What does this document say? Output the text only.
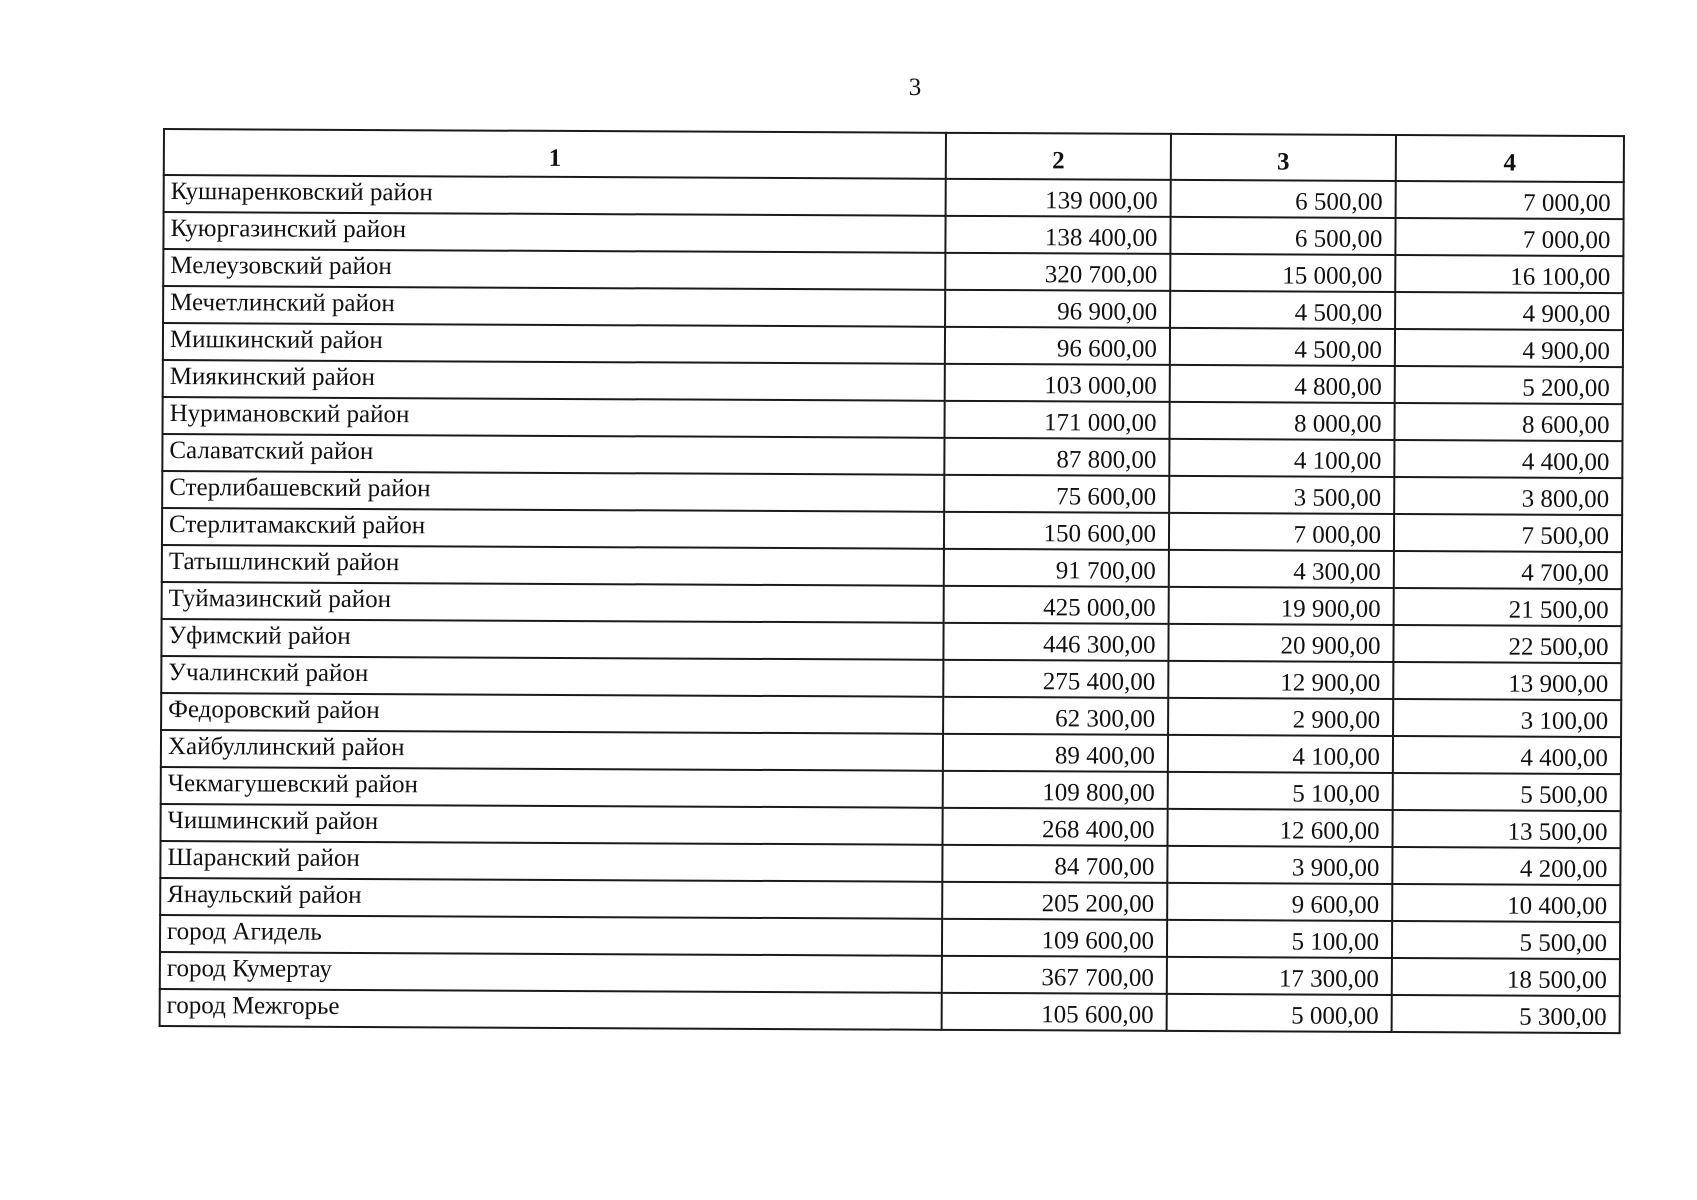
3
1	2	3	4
Кушнаренковский район	139 000,00	6 500,00	7 000,00
Куюргазинский район	138 400,00	6 500,00	7 000,00
Мелеузовский район	320 700,00	15 000,00	16 100,00
Мечетлинский район	96 900,00	4 500,00	4 900,00
Мишкинский район	96 600,00	4 500,00	4 900,00
Миякинский район	103 000,00	4 800,00	5 200,00
Нуримановский район	171 000,00	8 000,00	8 600,00
Салаватский район	87 800,00	4 100,00	4 400,00
Стерлибашевский район	75 600,00	3 500,00	3 800,00
Стерлитамакский район	150 600,00	7 000,00	7 500,00
Татышлинский район	91 700,00	4 300,00	4 700,00
Туймазинский район	425 000,00	19 900,00	21 500,00
Уфимский район	446 300,00	20 900,00	22 500,00
Учалинский район	275 400,00	12 900,00	13 900,00
Федоровский район	62 300,00	2 900,00	3 100,00
Хайбуллинский район	89 400,00	4 100,00	4 400,00
Чекмагушевский район	109 800,00	5 100,00	5 500,00
Чишминский район	268 400,00	12 600,00	13 500,00
Шаранский район	84 700,00	3 900,00	4 200,00
Янаульский район	205 200,00	9 600,00	10 400,00
город Агидель	109 600,00	5 100,00	5 500,00
город Кумертау	367 700,00	17 300,00	18 500,00
город Межгорье	105 600,00	5 000,00	5 300,00
